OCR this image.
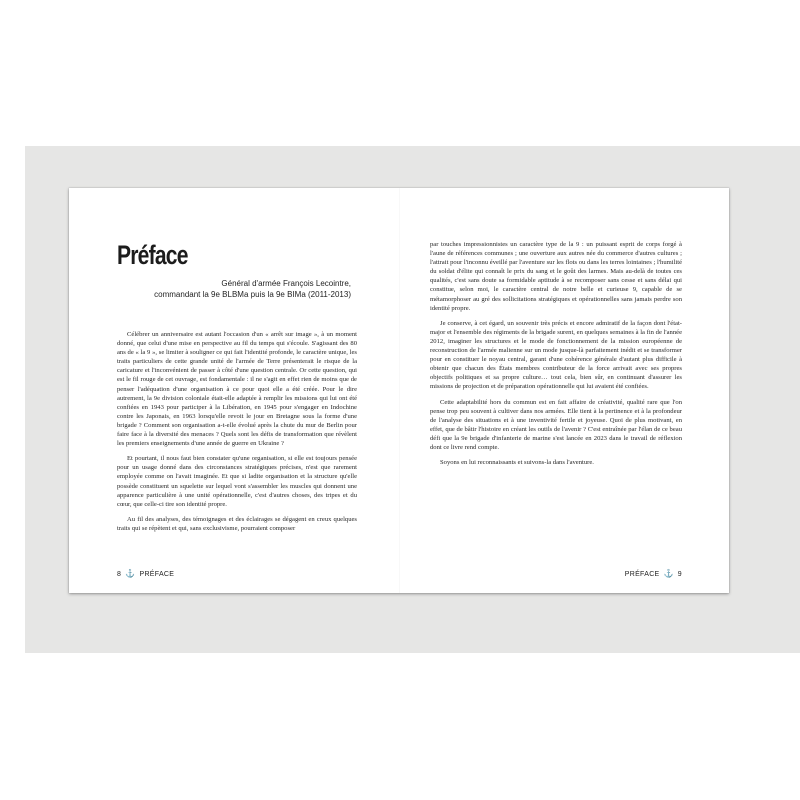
Préface
Général d'armée François Lecointre,
commandant la 9e BLBMa puis la 9e BIMa (2011-2013)

Célébrer un anniversaire est autant l'occasion d'un « arrêt sur image », à un moment donné, que celui d'une mise en perspective au fil du temps qui s'écoule. S'agissant des 80 ans de « la 9 », se limiter à souligner ce qui fait l'identité profonde, le caractère unique, les traits particuliers de cette grande unité de l'armée de Terre présenterait le risque de la caricature et l'inconvénient de passer à côté d'une question centrale. Or cette question, qui est le fil rouge de cet ouvrage, est fondamentale : il ne s'agit en effet rien de moins que de penser l'adéquation d'une organisation à ce pour quoi elle a été créée. Pour le dire autrement, la 9e division coloniale était-elle adaptée à remplir les missions qui lui ont été confiées en 1943 pour participer à la Libération, en 1945 pour s'engager en Indochine contre les Japonais, en 1963 lorsqu'elle revoit le jour en Bretagne sous la forme d'une brigade ? Comment son organisation a-t-elle évolué après la chute du mur de Berlin pour faire face à la diversité des menaces ? Quels sont les défis de transformation que révèlent les premiers enseignements d'une année de guerre en Ukraine ?

Et pourtant, il nous faut bien constater qu'une organisation, si elle est toujours pensée pour un usage donné dans des circonstances stratégiques précises, n'est que rarement employée comme on l'avait imaginée. Et que si ladite organisation et la structure qu'elle possède constituent un squelette sur lequel vont s'assembler les muscles qui donnent une apparence particulière à une unité opérationnelle, c'est d'autres choses, des tripes et du cœur, que celle-ci tire son identité propre.

Au fil des analyses, des témoignages et des éclairages se dégagent en creux quelques traits qui se répètent et qui, sans exclusivisme, pourraient composer

8 ⚓ PRÉFACE

par touches impressionnistes un caractère type de la 9 : un puissant esprit de corps forgé à l'aune de références communes ; une ouverture aux autres née du commerce d'autres cultures ; l'attrait pour l'inconnu éveillé par l'aventure sur les flots ou dans les terres lointaines ; l'humilité du soldat d'élite qui connaît le prix du sang et le goût des larmes. Mais au-delà de toutes ces qualités, c'est sans doute sa formidable aptitude à se recomposer sans cesse et sans délai qui constitue, selon moi, le caractère central de notre belle et curieuse 9, capable de se métamorphoser au gré des sollicitations stratégiques et opérationnelles sans jamais perdre son identité propre.

Je conserve, à cet égard, un souvenir très précis et encore admiratif de la façon dont l'état-major et l'ensemble des régiments de la brigade surent, en quelques semaines à la fin de l'année 2012, imaginer les structures et le mode de fonctionnement de la mission européenne de reconstruction de l'armée malienne sur un mode jusque-là parfaitement inédit et se transformer pour en constituer le noyau central, garant d'une cohérence générale d'autant plus difficile à obtenir que chacun des États membres contributeur de la force arrivait avec ses propres objectifs politiques et sa propre culture… tout cela, bien sûr, en continuant d'assurer les missions de projection et de préparation opérationnelle qui lui avaient été confiées.

Cette adaptabilité hors du commun est en fait affaire de créativité, qualité rare que l'on pense trop peu souvent à cultiver dans nos armées. Elle tient à la pertinence et à la profondeur de l'analyse des situations et à une inventivité fertile et joyeuse. Quoi de plus motivant, en effet, que de bâtir l'histoire en créant les outils de l'avenir ? C'est entraînée par l'élan de ce beau défi que la 9e brigade d'infanterie de marine s'est lancée en 2023 dans le travail de réflexion dont ce livre rend compte.

Soyons en lui reconnaissants et suivons-la dans l'aventure.

PRÉFACE ⚓ 9
